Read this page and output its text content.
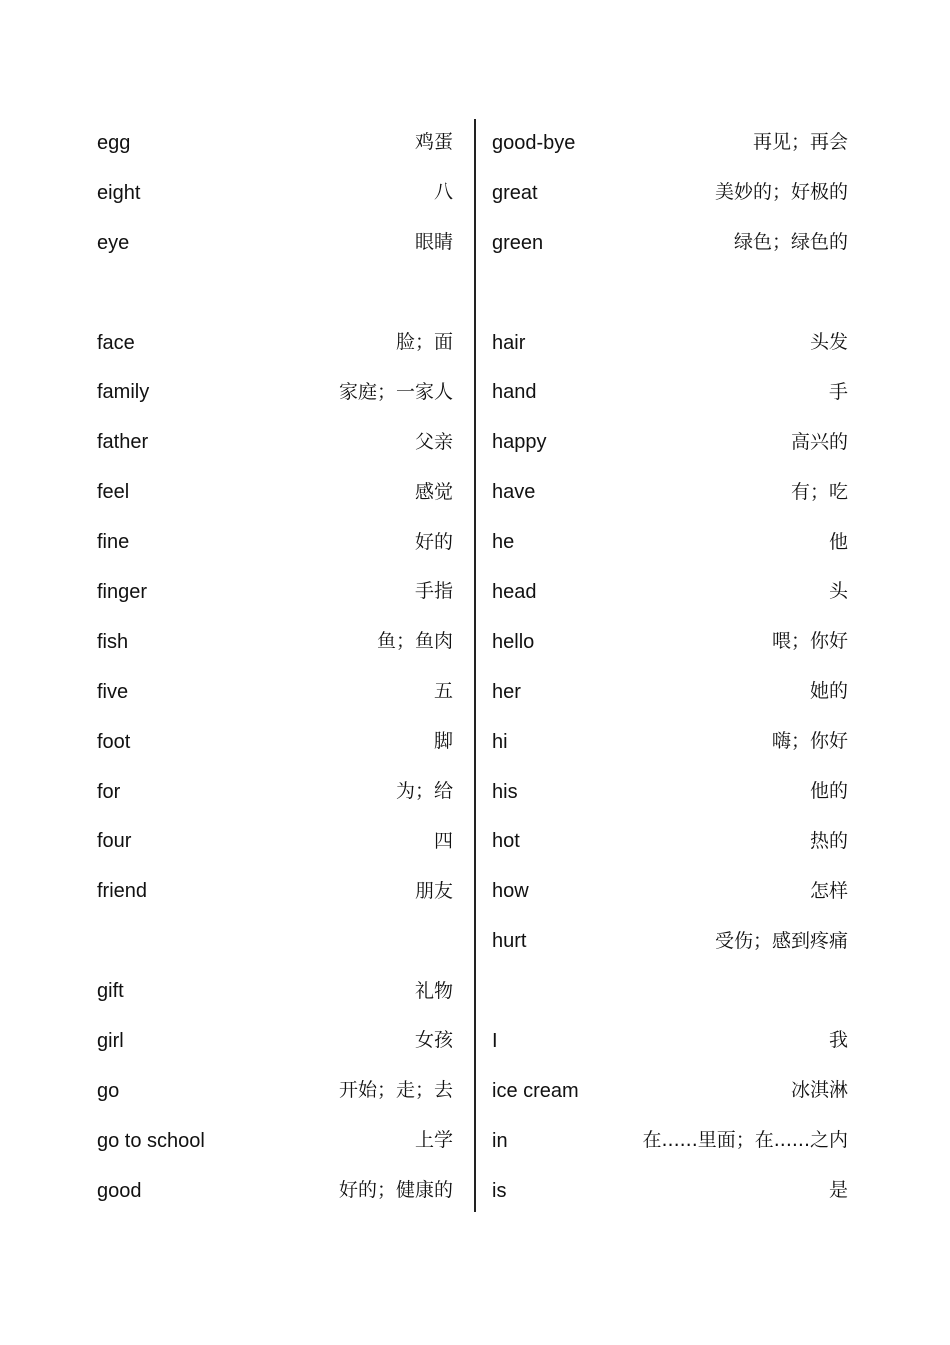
egg	鸡蛋
eight	八
eye	眼睛
face	脸；面
family	家庭；一家人
father	父亲
feel	感觉
fine	好的
finger	手指
fish	鱼；鱼肉
five	五
foot	脚
for	为；给
four	四
friend	朋友
gift	礼物
girl	女孩
go	开始；走；去
go to school	上学
good	好的；健康的
good-bye	再见；再会
great	美妙的；好极的
green	绿色；绿色的
hair	头发
hand	手
happy	高兴的
have	有；吃
he	他
head	头
hello	喂；你好
her	她的
hi	嗨；你好
his	他的
hot	热的
how	怎样
hurt	受伤；感到疼痛
I	我
ice cream	冰淇淋
in	在......里面；在......之内
is	是
